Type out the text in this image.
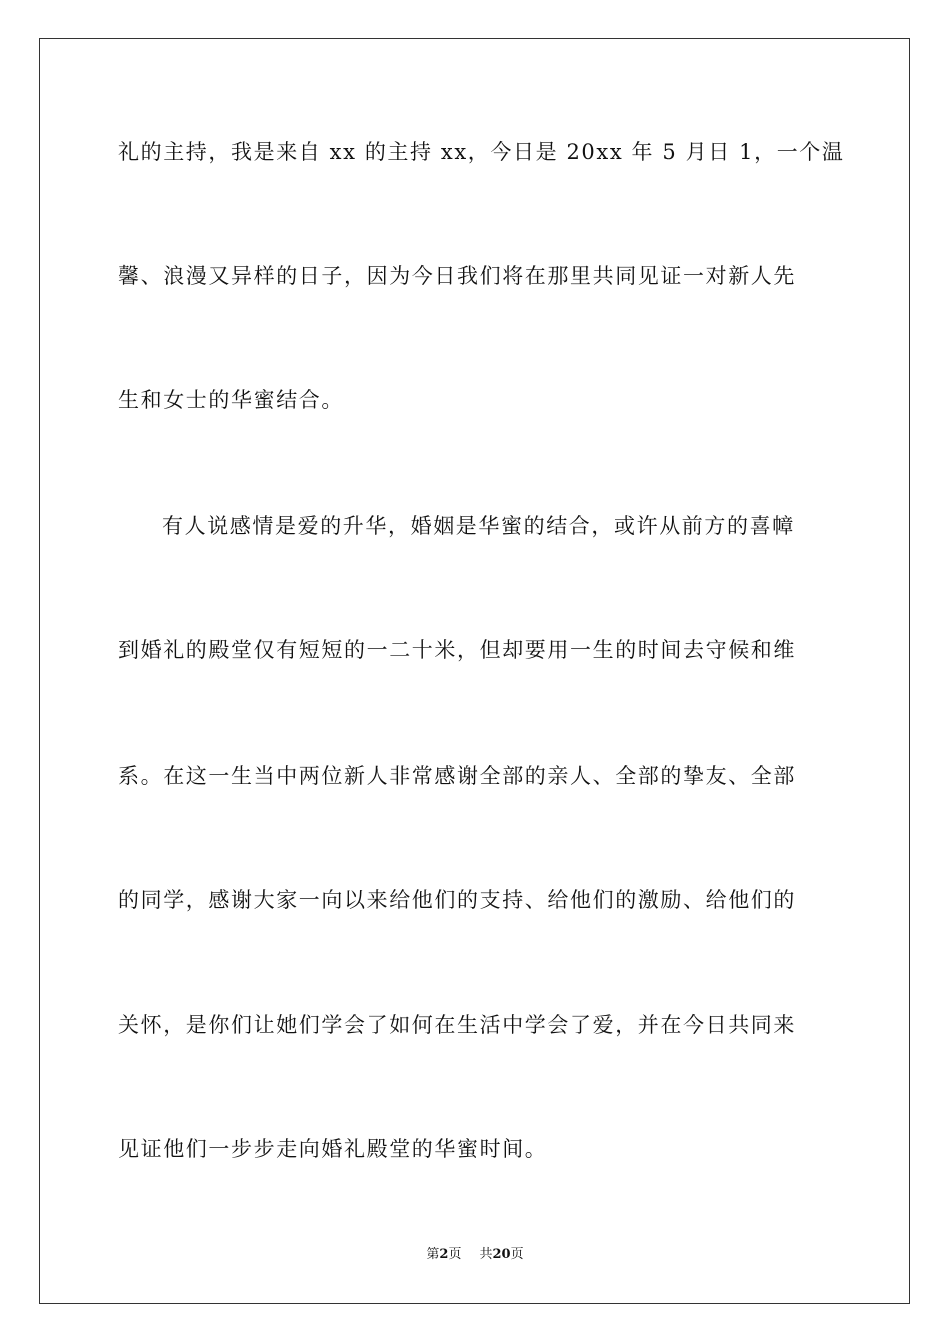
礼的主持，我是来自 xx 的主持 xx，今日是 20xx 年 5 月日 1，一个温
馨、浪漫又异样的日子，因为今日我们将在那里共同见证一对新人先
生和女士的华蜜结合。
有人说感情是爱的升华，婚姻是华蜜的结合，或许从前方的喜幛
到婚礼的殿堂仅有短短的一二十米，但却要用一生的时间去守候和维
系。在这一生当中两位新人非常感谢全部的亲人、全部的挚友、全部
的同学，感谢大家一向以来给他们的支持、给他们的激励、给他们的
关怀，是你们让她们学会了如何在生活中学会了爱，并在今日共同来
见证他们一步步走向婚礼殿堂的华蜜时间。
第2页 共20页
